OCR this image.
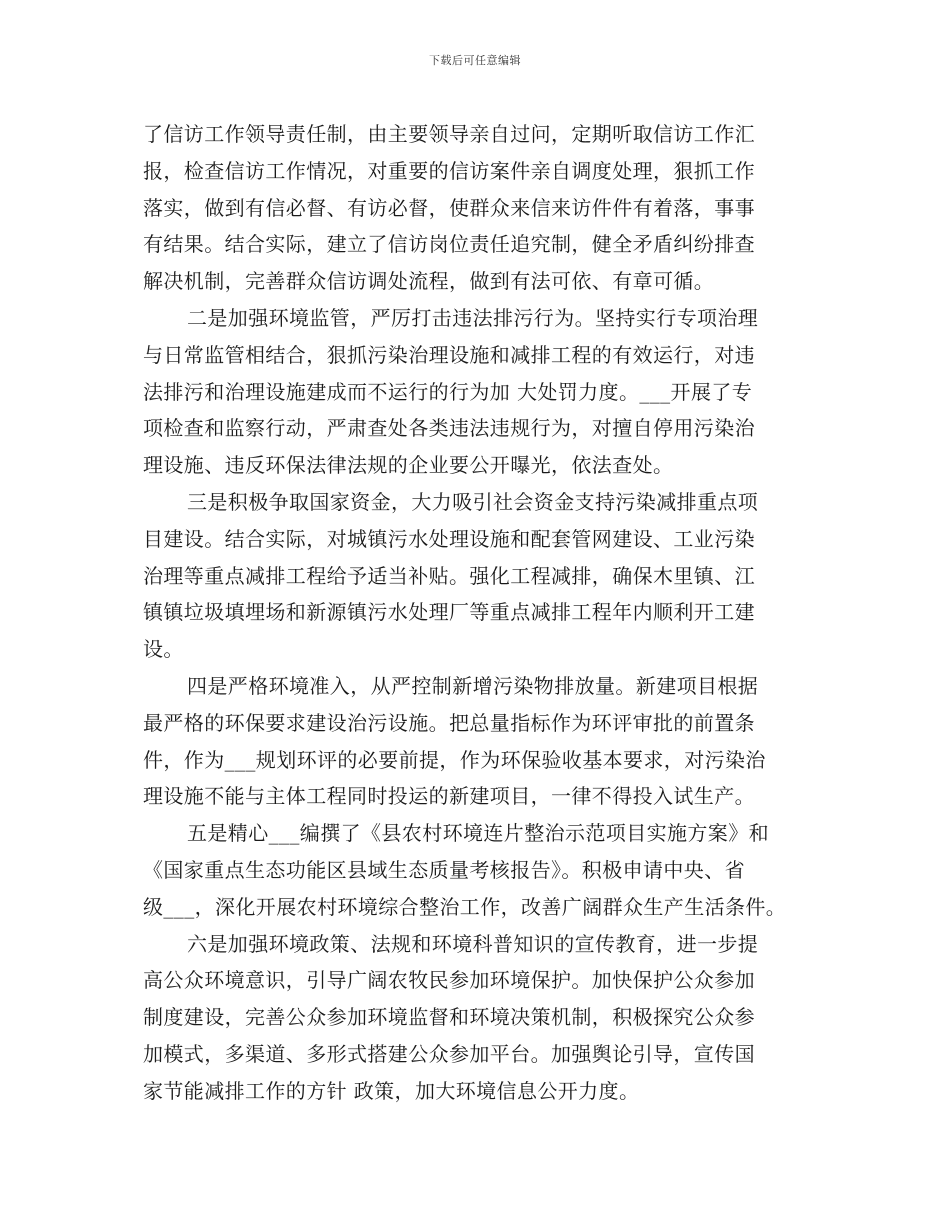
下载后可任意编辑
了信访工作领导责任制，由主要领导亲自过问，定期听取信访工作汇
报，检查信访工作情况，对重要的信访案件亲自调度处理，狠抓工作
落实，做到有信必督、有访必督，使群众来信来访件件有着落，事事
有结果。结合实际，建立了信访岗位责任追究制，健全矛盾纠纷排查
解决机制，完善群众信访调处流程，做到有法可依、有章可循。
二是加强环境监管，严厉打击违法排污行为。坚持实行专项治理
与日常监管相结合，狠抓污染治理设施和减排工程的有效运行，对违
法排污和治理设施建成而不运行的行为加 大处罚力度。___开展了专
项检查和监察行动，严肃查处各类违法违规行为，对擅自停用污染治
理设施、违反环保法律法规的企业要公开曝光，依法查处。
三是积极争取国家资金，大力吸引社会资金支持污染减排重点项
目建设。结合实际，对城镇污水处理设施和配套管网建设、工业污染
治理等重点减排工程给予适当补贴。强化工程减排，确保木里镇、江
镇镇垃圾填埋场和新源镇污水处理厂等重点减排工程年内顺利开工建
设。
四是严格环境准入，从严控制新增污染物排放量。新建项目根据
最严格的环保要求建设治污设施。把总量指标作为环评审批的前置条
件，作为___规划环评的必要前提，作为环保验收基本要求，对污染治
理设施不能与主体工程同时投运的新建项目，一律不得投入试生产。
五是精心___编撰了《县农村环境连片整治示范项目实施方案》和
《国家重点生态功能区县域生态质量考核报告》。积极申请中央、省
级___，深化开展农村环境综合整治工作，改善广阔群众生产生活条件。
六是加强环境政策、法规和环境科普知识的宣传教育，进一步提
高公众环境意识，引导广阔农牧民参加环境保护。加快保护公众参加
制度建设，完善公众参加环境监督和环境决策机制，积极探究公众参
加模式，多渠道、多形式搭建公众参加平台。加强舆论引导，宣传国
家节能减排工作的方针 政策，加大环境信息公开力度。
